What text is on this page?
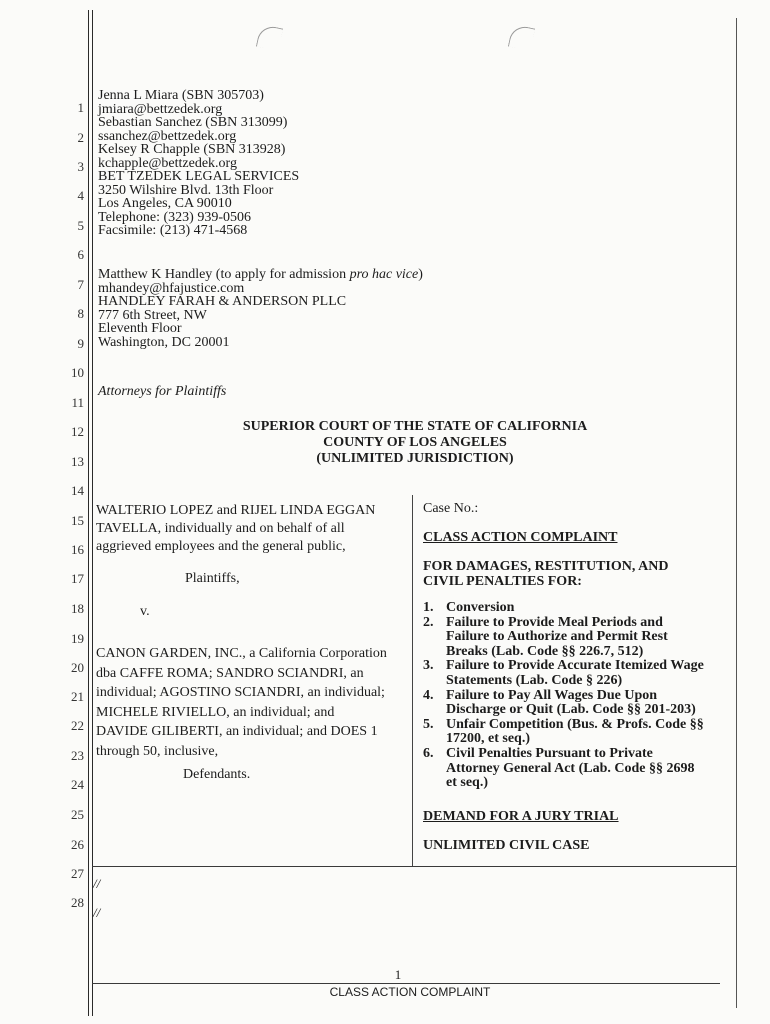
1
2
3
4
5
6
7
8
9
10
11
12
13
14
15
16
17
18
19
20
21
22
23
24
25
26
27
28
Jenna L Miara (SBN 305703)
jmiara@bettzedek.org
Sebastian Sanchez (SBN 313099)
ssanchez@bettzedek.org
Kelsey R Chapple (SBN 313928)
kchapple@bettzedek.org
BET TZEDEK LEGAL SERVICES
3250 Wilshire Blvd. 13th Floor
Los Angeles, CA 90010
Telephone: (323) 939-0506
Facsimile: (213) 471-4568
Matthew K Handley (to apply for admission pro hac vice)
mhandey@hfajustice.com
HANDLEY FARAH & ANDERSON PLLC
777 6th Street, NW
Eleventh Floor
Washington, DC 20001
Attorneys for Plaintiffs
SUPERIOR COURT OF THE STATE OF CALIFORNIA
COUNTY OF LOS ANGELES
(UNLIMITED JURISDICTION)
WALTERIO LOPEZ and RIJEL LINDA EGGAN
TAVELLA, individually and on behalf of all
aggrieved employees and the general public,
Plaintiffs,
v.
CANON GARDEN, INC., a California Corporation
dba CAFFE ROMA; SANDRO SCIANDRI, an
individual; AGOSTINO SCIANDRI, an individual;
MICHELE RIVIELLO, an individual; and
DAVIDE GILIBERTI, an individual; and DOES 1
through 50, inclusive,
Defendants.
Case No.:
CLASS ACTION COMPLAINT
FOR DAMAGES, RESTITUTION, AND
CIVIL PENALTIES FOR:
1. Conversion
2. Failure to Provide Meal Periods and
Failure to Authorize and Permit Rest
Breaks (Lab. Code §§ 226.7, 512)
3. Failure to Provide Accurate Itemized Wage
Statements (Lab. Code § 226)
4. Failure to Pay All Wages Due Upon
Discharge or Quit (Lab. Code §§ 201-203)
5. Unfair Competition (Bus. & Profs. Code §§
17200, et seq.)
6. Civil Penalties Pursuant to Private
Attorney General Act (Lab. Code §§ 2698
et seq.)
DEMAND FOR A JURY TRIAL
UNLIMITED CIVIL CASE
//
//
1
CLASS ACTION COMPLAINT
